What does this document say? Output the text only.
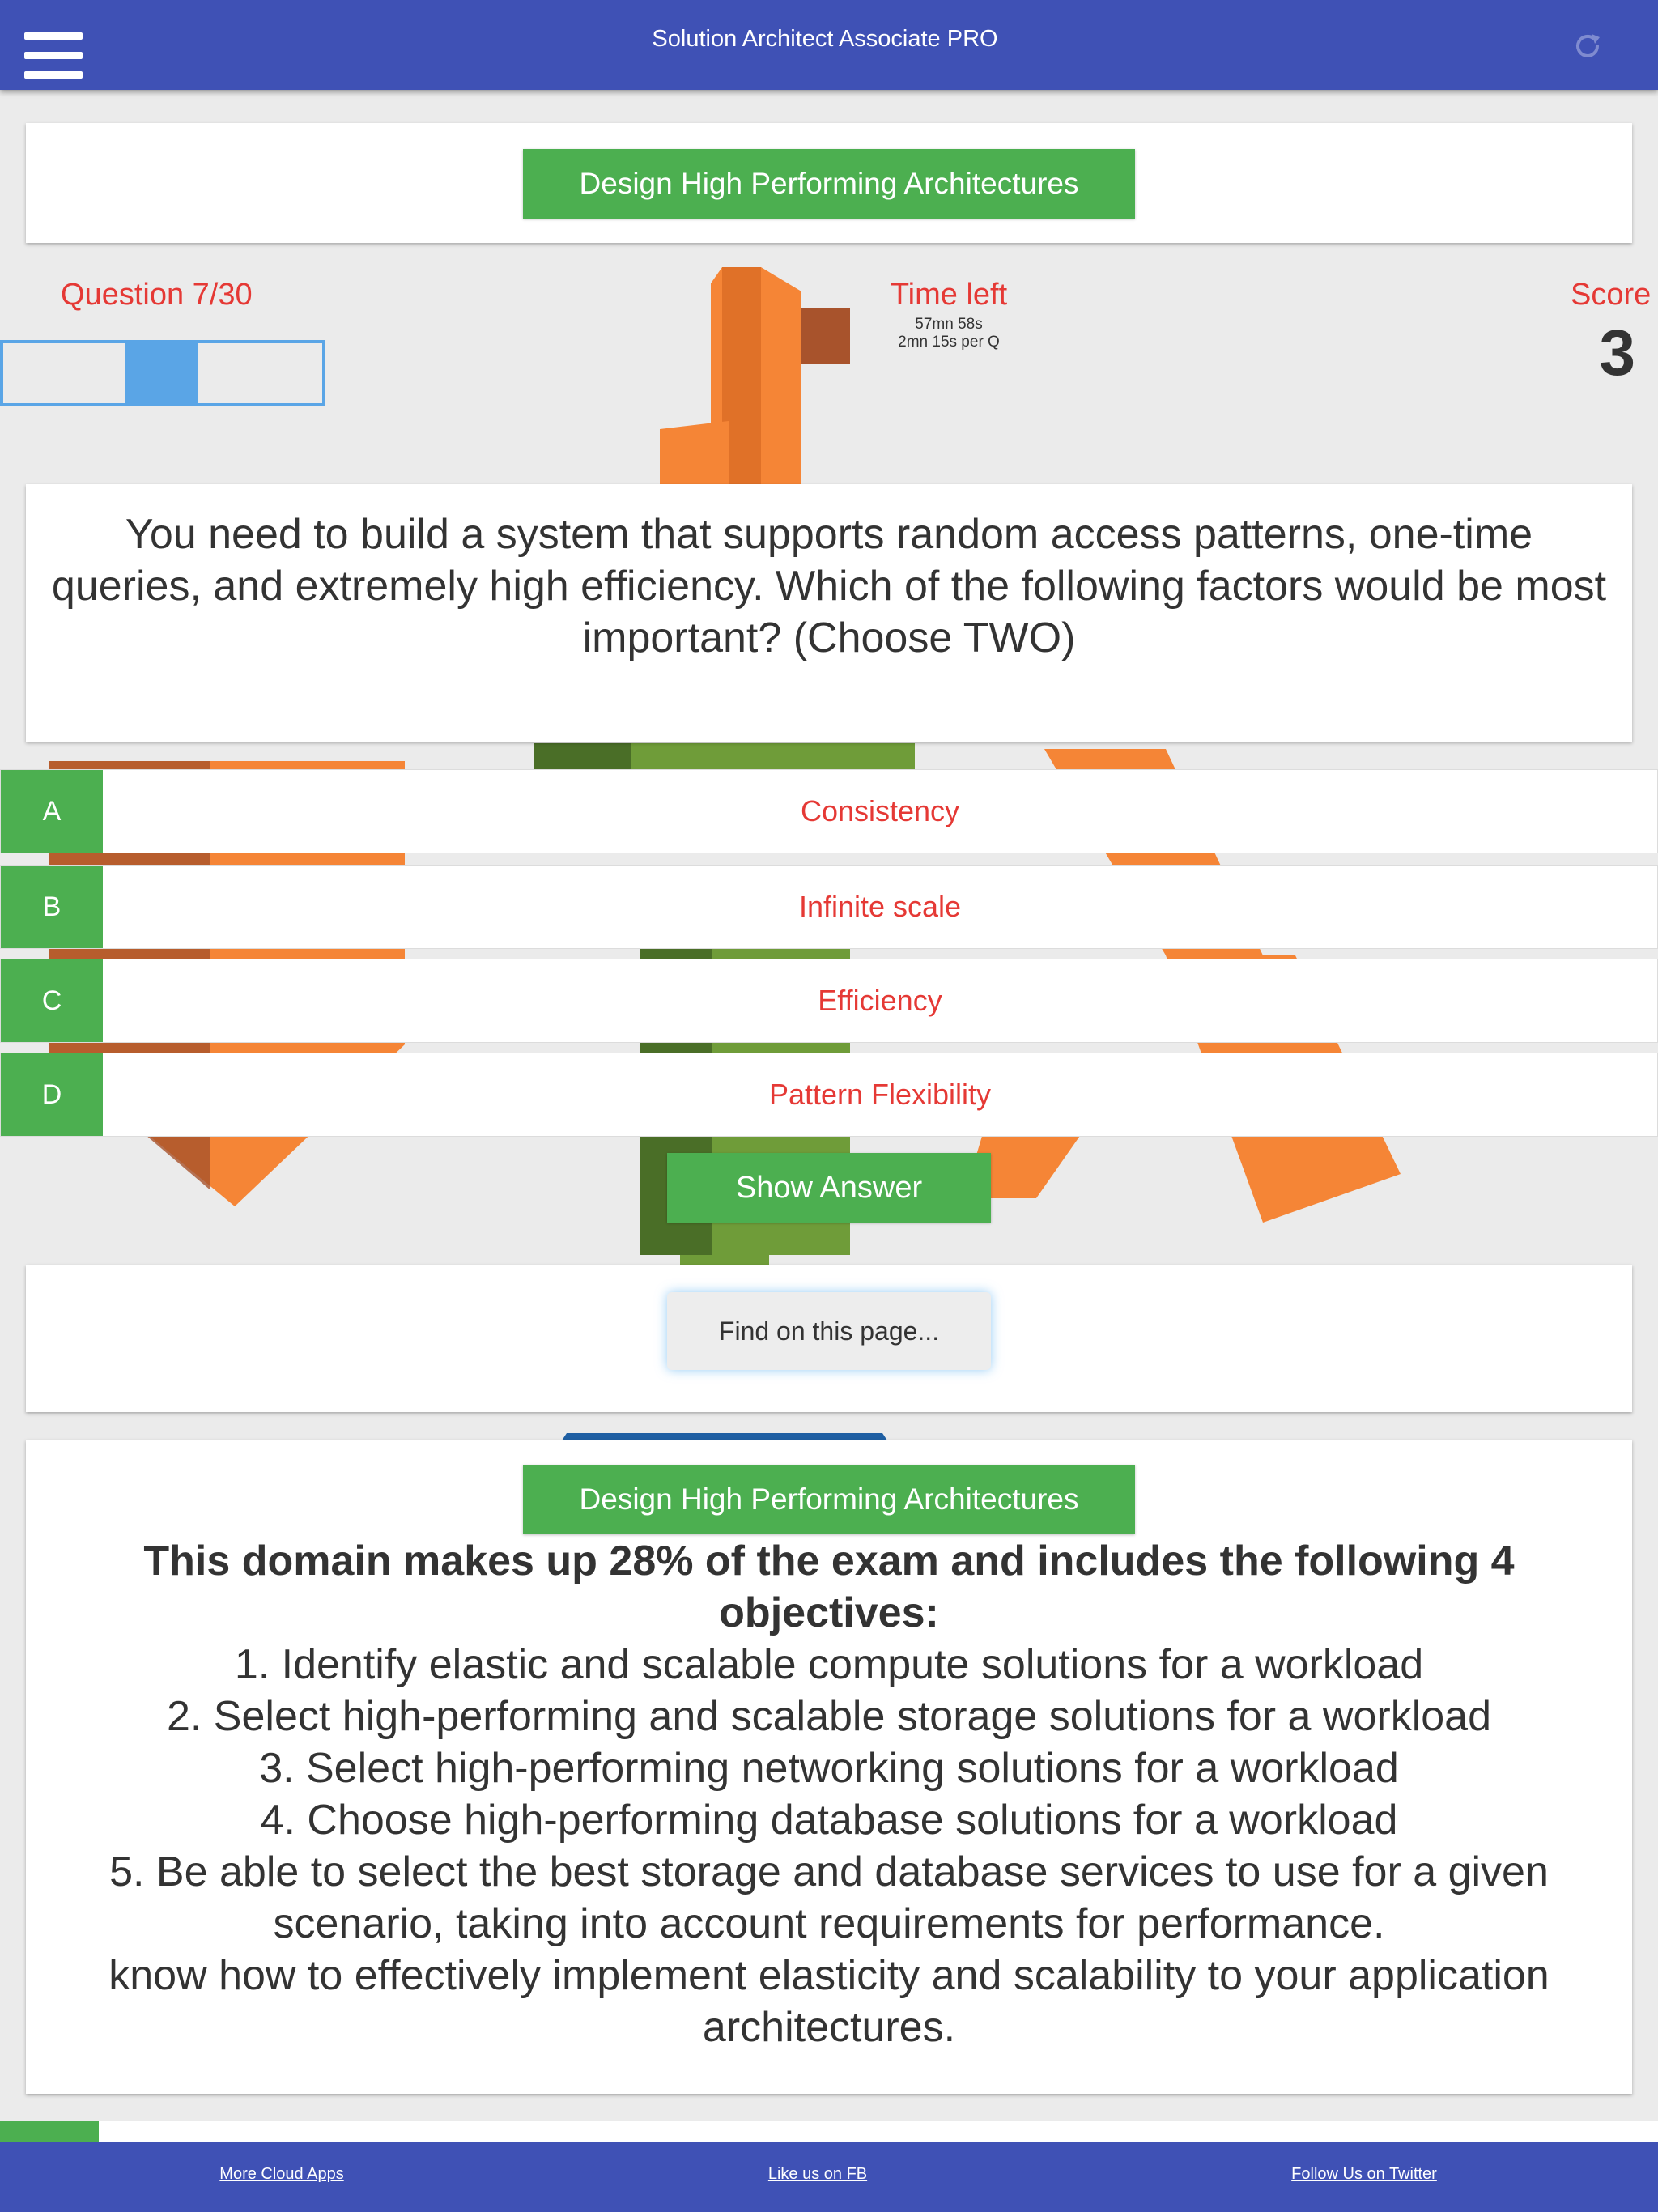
Solution Architect Associate PRO
Design High Performing Architectures
Question 7/30	Time left
57mn 58s
2mn 15s per Q
Score
3
You need to build a system that supports random access patterns, one-time queries, and extremely high efficiency. Which of the following factors would be most important? (Choose TWO)
A	Consistency
B	Infinite scale
C	Efficiency
D	Pattern Flexibility
Show Answer
Find on this page...
Design High Performing Architectures
This domain makes up 28% of the exam and includes the following 4 objectives:
1. Identify elastic and scalable compute solutions for a workload
2. Select high-performing and scalable storage solutions for a workload
3. Select high-performing networking solutions for a workload
4. Choose high-performing database solutions for a workload
5. Be able to select the best storage and database services to use for a given scenario, taking into account requirements for performance.
know how to effectively implement elasticity and scalability to your application architectures.
More Cloud Apps	Like us on FB	Follow Us on Twitter
